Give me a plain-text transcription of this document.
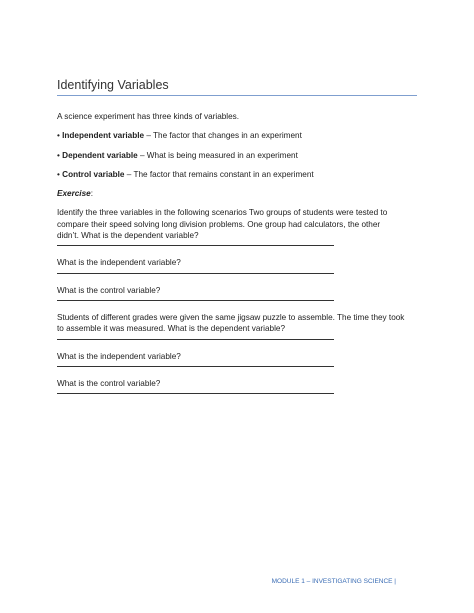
Identifying Variables

A science experiment has three kinds of variables.

• Independent variable – The factor that changes in an experiment

• Dependent variable – What is being measured in an experiment

• Control variable – The factor that remains constant in an experiment

Exercise:

Identify the three variables in the following scenarios Two groups of students were tested to

compare their speed solving long division problems. One group had calculators, the other

didn’t. What is the dependent variable?

What is the independent variable?

What is the control variable?

Students of different grades were given the same jigsaw puzzle to assemble. The time they took

to assemble it was measured. What is the dependent variable?

What is the independent variable?

What is the control variable?

MODULE 1 – INVESTIGATING SCIENCE |
